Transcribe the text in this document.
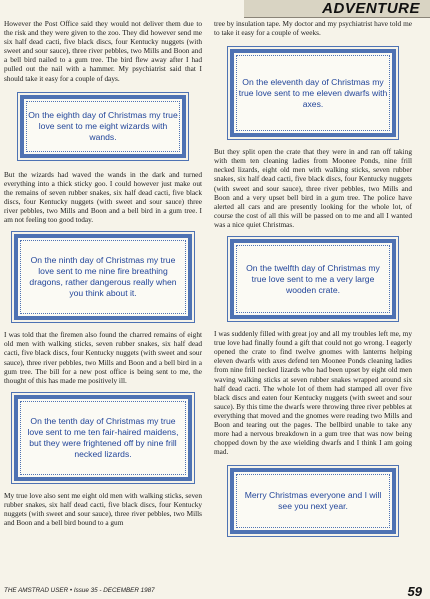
ADVENTURE

However the Post Office said they would not deliver them due to the risk and they were given to the zoo. They did however send me six half dead cacti, five black discs, four Kentucky nuggets (with sweet and sour sauce), three river pebbles, two Mills and Boon and a bell bird nailed to a gum tree. The bird flew away after I had pulled out the nail with a hammer. My psychiatrist said that I should take it easy for a couple of days.

On the eighth day of Christmas my true love sent to me eight wizards with wands.

But the wizards had waved the wands in the dark and turned everything into a thick sticky goo. I could however just make out the remains of seven rubber snakes, six half dead cacti, five black discs, four Kentucky nuggets (with sweet and sour sauce) three river pebbles, two Mills and Boon and a bell bird in a gum tree. I am not feeling too good today.

On the ninth day of Christmas my true love sent to me nine fire breathing dragons, rather dangerous really when you think about it.

I was told that the firemen also found the charred remains of eight old men with walking sticks, seven rubber snakes, six half dead cacti, five black discs, four Kentucky nuggets (with sweet and sour sauce), three river pebbles, two Mills and Boon and a bell bird in a gum tree. The bill for a new post office is being sent to me, the thought of this has made me positively ill.

On the tenth day of Christmas my true love sent to me ten fair-haired maidens, but they were frightened off by nine frill necked lizards.

My true love also sent me eight old men with walking sticks, seven rubber snakes, six half dead cacti, five black discs, four Kentucky nuggets (with sweet and sour sauce), three river pebbles, two Mills and Boon and a bell bird bound to a gum

tree by insulation tape. My doctor and my psychiatrist have told me to take it easy for a couple of weeks.

On the eleventh day of Christmas my true love sent to me eleven dwarfs with axes.

But they split open the crate that they were in and ran off taking with them ten cleaning ladies from Moonee Ponds, nine frill necked lizards, eight old men with walking sticks, seven rubber snakes, six half dead cacti, five black discs, four Kentucky nuggets (with sweet and sour sauce), three river pebbles, two Mills and Boon and a very upset bell bird in a gum tree. The police have alerted all cars and are presently looking for the whole lot, of course the cost of all this will be passed on to me and all I wanted was a nice quiet Christmas.

On the twelfth day of Christmas my true love sent to me a very large wooden crate.

I was suddenly filled with great joy and all my troubles left me, my true love had finally found a gift that could not go wrong. I eagerly opened the crate to find twelve gnomes with lanterns helping eleven dwarfs with axes defend ten Moonee Ponds cleaning ladies from nine frill necked lizards who had been upset by eight old men waving walking sticks at seven rubber snakes wrapped around six half dead cacti. The whole lot of them had stamped all over five black discs and eaten four Kentucky nuggets (with sweet and sour sauce). By this time the dwarfs were throwing three river pebbles at everything that moved and the gnomes were reading two Mills and Boon and tearing out the pages. The bellbird unable to take any more had a nervous breakdown in a gum tree that was now being chopped down by the axe wielding dwarfs and I think I am going mad.

Merry Christmas everyone and I will see you next year.
THE AMSTRAD USER • Issue 35 - DECEMBER 1987	59
